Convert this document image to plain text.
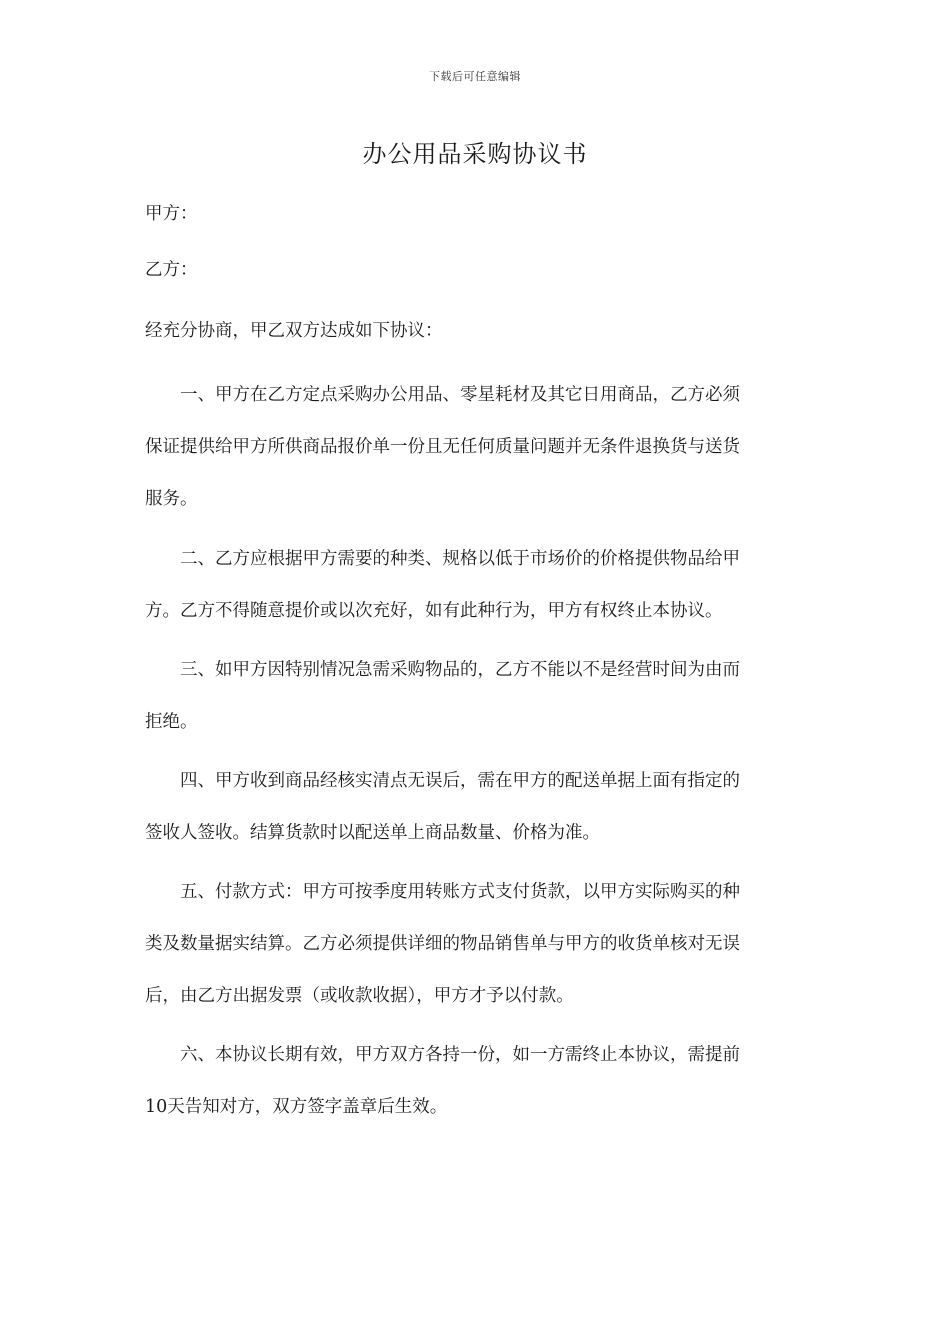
下载后可任意编辑
办公用品采购协议书
甲方：
乙方：
经充分协商，甲乙双方达成如下协议：
一、甲方在乙方定点采购办公用品、零星耗材及其它日用商品，乙方必须
保证提供给甲方所供商品报价单一份且无任何质量问题并无条件退换货与送货
服务。
二、乙方应根据甲方需要的种类、规格以低于市场价的价格提供物品给甲
方。乙方不得随意提价或以次充好，如有此种行为，甲方有权终止本协议。
三、如甲方因特别情况急需采购物品的，乙方不能以不是经营时间为由而
拒绝。
四、甲方收到商品经核实清点无误后，需在甲方的配送单据上面有指定的
签收人签收。结算货款时以配送单上商品数量、价格为准。
五、付款方式：甲方可按季度用转账方式支付货款，以甲方实际购买的种
类及数量据实结算。乙方必须提供详细的物品销售单与甲方的收货单核对无误
后，由乙方出据发票（或收款收据），甲方才予以付款。
六、本协议长期有效，甲方双方各持一份，如一方需终止本协议，需提前
10天告知对方，双方签字盖章后生效。
